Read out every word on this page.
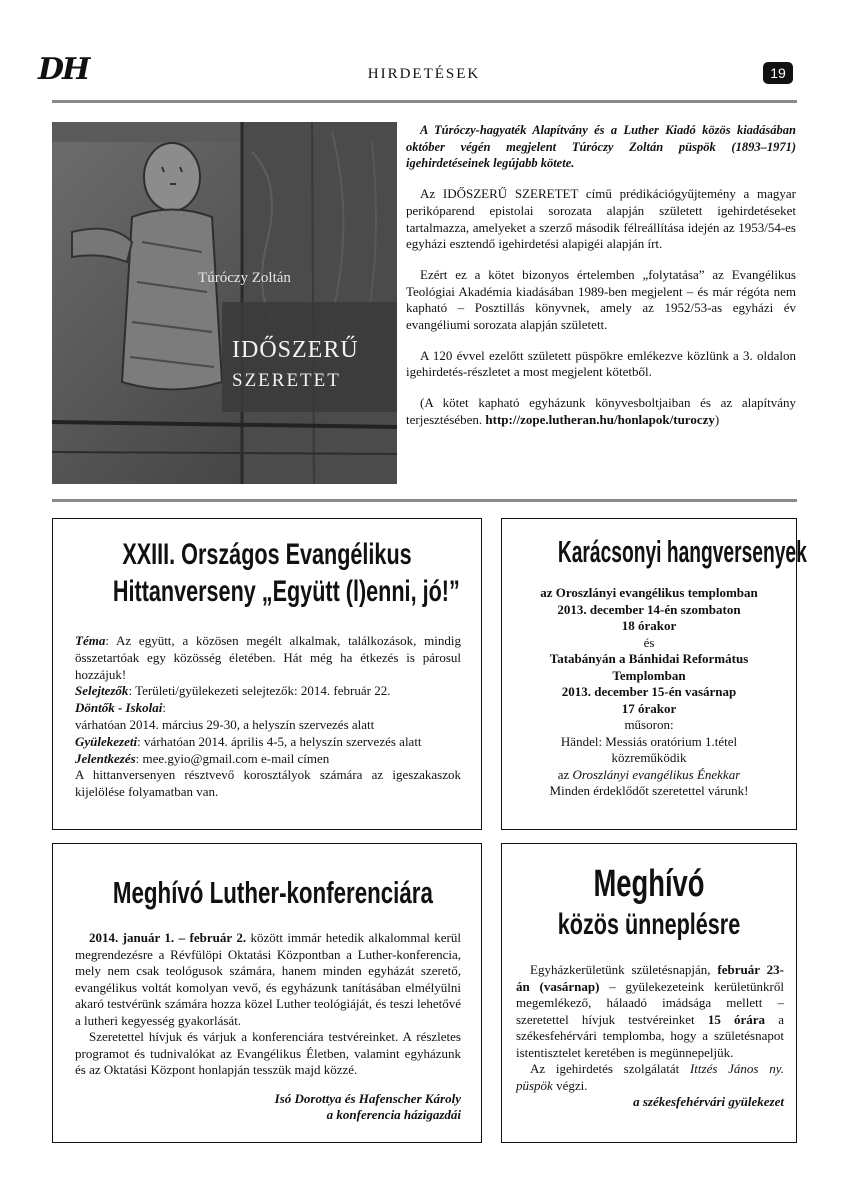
DH	HIRDETÉSEK	19
Túróczy Zoltán
IDŐSZERŰ
SZERETET

A Túróczy-hagyaték Alapítvány és a Luther Kiadó közös kiadásában október végén megjelent Túróczy Zoltán püspök (1893–1971) igehirdetéseinek legújabb kötete.

Az IDŐSZERŰ SZERETET című prédikációgyűjtemény a magyar perikóparend epistolai sorozata alapján született igehirdetéseket tartalmazza, amelyeket a szerző második félreállítása idején az 1953/54-es egyházi esztendő igehirdetési alapigéi alapján írt.

Ezért ez a kötet bizonyos értelemben „folytatása” az Evangélikus Teológiai Akadémia kiadásában 1989-ben megjelent – és már régóta nem kapható – Posztillás könyvnek, amely az 1952/53-as egyházi év evangéliumi sorozata alapján született.

A 120 évvel ezelőtt született püspökre emlékezve közlünk a 3. oldalon igehirdetés-részletet a most megjelent kötetből.

(A kötet kapható egyházunk könyvesboltjaiban és az alapítvány terjesztésében. http://zope.lutheran.hu/honlapok/turoczy)

XXIII. Országos Evangélikus
Hittanverseny „Együtt (l)enni, jó!”
Téma: Az együtt, a közösen megélt alkalmak, találkozások, mindig összetartóak egy közösség életében. Hát még ha étkezés is párosul hozzájuk!
Selejtezők: Területi/gyülekezeti selejtezők: 2014. február 22.
Döntők - Iskolai:
várhatóan 2014. március 29-30, a helyszín szervezés alatt
Gyülekezeti: várhatóan 2014. április 4-5, a helyszín szervezés alatt
Jelentkezés: mee.gyio@gmail.com e-mail címen
A hittanversenyen résztvevő korosztályok számára az igeszakaszok kijelölése folyamatban van.
Karácsonyi hangversenyek
az Oroszlányi evangélikus templomban
2013. december 14-én szombaton
18 órakor
és
Tatabányán a Bánhidai Református
Templomban
2013. december 15-én vasárnap
17 órakor
műsoron:
Händel: Messiás oratórium 1.tétel
közreműködik
az Oroszlányi evangélikus Énekkar
Minden érdeklődőt szeretettel várunk!
Meghívó Luther-konferenciára
2014. január 1. – február 2. között immár hetedik alkalommal kerül megrendezésre a Révfülöpi Oktatási Központban a Luther-konferencia, mely nem csak teológusok számára, hanem minden egyházát szerető, evangélikus voltát komolyan vevő, és egyházunk tanításában elmélyülni akaró testvérünk számára hozza közel Luther teológiáját, és teszi lehetővé a lutheri kegyesség gyakorlását.
Szeretettel hívjuk és várjuk a konferenciára testvéreinket. A részletes programot és tudnivalókat az Evangélikus Életben, valamint egyházunk és az Oktatási Központ honlapján tesszük majd közzé.
Isó Dorottya és Hafenscher Károly
a konferencia házigazdái
Meghívó
közös ünneplésre
Egyházkerületünk születésnapján, február 23-án (vasárnap) – gyülekezeteink kerületünkről megemlékező, hálaadó imádsága mellett – szeretettel hívjuk testvéreinket 15 órára a székesfehérvári templomba, hogy a születésnapot istentisztelet keretében is megünnepeljük.
Az igehirdetés szolgálatát Ittzés János ny. püspök végzi.
a székesfehérvári gyülekezet
